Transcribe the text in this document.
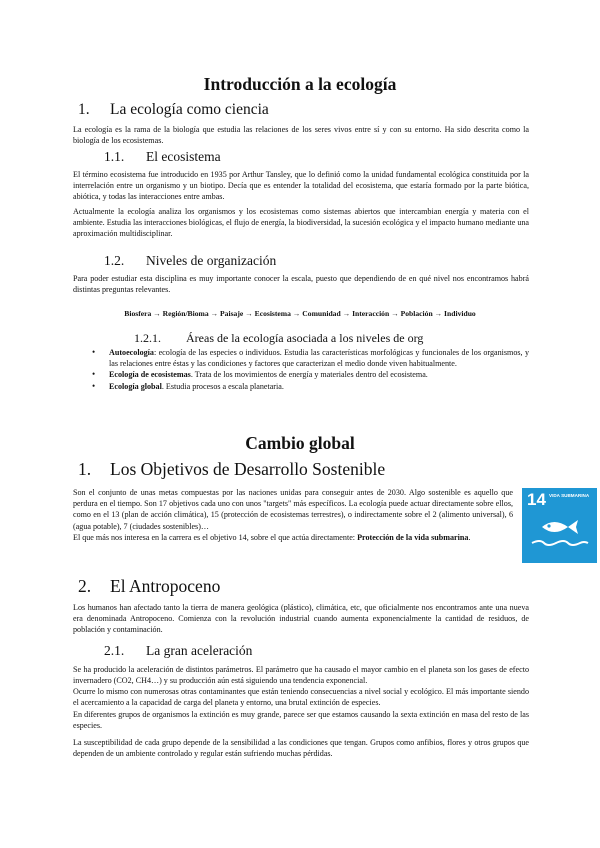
Introducción a la ecología
1. La ecología como ciencia
La ecología es la rama de la biología que estudia las relaciones de los seres vivos entre sí y con su entorno. Ha sido descrita como la biología de los ecosistemas.
1.1. El ecosistema
El término ecosistema fue introducido en 1935 por Arthur Tansley, que lo definió como la unidad fundamental ecológica constituida por la interrelación entre un organismo y un biotipo. Decía que es entender la totalidad del ecosistema, que estaría formado por la parte biótica, abiótica, y todas las interacciones entre ambas.
Actualmente la ecología analiza los organismos y los ecosistemas como sistemas abiertos que intercambian energía y materia con el ambiente. Estudia las interacciones biológicas, el flujo de energía, la biodiversidad, la sucesión ecológica y el impacto humano mediante una aproximación multidisciplinar.
1.2. Niveles de organización
Para poder estudiar esta disciplina es muy importante conocer la escala, puesto que dependiendo de en qué nivel nos encontramos habrá distintas preguntas relevantes.
Biosfera → Región/Bioma → Paisaje → Ecosistema → Comunidad → Interacción → Población → Individuo
1.2.1. Áreas de la ecología asociada a los niveles de org
• Autoecología: ecología de las especies o individuos. Estudia las características morfológicas y funcionales de los organismos, y las relaciones entre éstas y las condiciones y factores que caracterizan el medio donde viven habitualmente.
• Ecología de ecosistemas. Trata de los movimientos de energía y materiales dentro del ecosistema.
• Ecología global. Estudia procesos a escala planetaria.
Cambio global
1. Los Objetivos de Desarrollo Sostenible
Son el conjunto de unas metas compuestas por las naciones unidas para conseguir antes de 2030. Algo sostenible es aquello que perdura en el tiempo. Son 17 objetivos cada uno con unos "targets" más específicos. La ecología puede actuar directamente sobre ellos, como en el 13 (plan de acción climática), 15 (protección de ecosistemas terrestres), o indirectamente sobre el 2 (alimento universal), 6 (agua potable), 7 (ciudades sostenibles)…
El que más nos interesa en la carrera es el objetivo 14, sobre el que actúa directamente: Protección de la vida submarina.
14 VIDA SUBMARINA
2. El Antropoceno
Los humanos han afectado tanto la tierra de manera geológica (plástico), climática, etc, que oficialmente nos encontramos ante una nueva era denominada Antropoceno. Comienza con la revolución industrial cuando aumenta exponencialmente la cantidad de residuos, de población y contaminación.
2.1. La gran aceleración
Se ha producido la aceleración de distintos parámetros. El parámetro que ha causado el mayor cambio en el planeta son los gases de efecto invernadero (CO2, CH4…) y su producción aún está siguiendo una tendencia exponencial.
Ocurre lo mismo con numerosas otras contaminantes que están teniendo consecuencias a nivel social y ecológico. El más importante siendo el acercamiento a la capacidad de carga del planeta y entorno, una brutal extinción de especies.
En diferentes grupos de organismos la extinción es muy grande, parece ser que estamos causando la sexta extinción en masa del resto de las especies.
La susceptibilidad de cada grupo depende de la sensibilidad a las condiciones que tengan. Grupos como anfibios, flores y otros grupos que dependen de un ambiente controlado y regular están sufriendo muchas pérdidas.
